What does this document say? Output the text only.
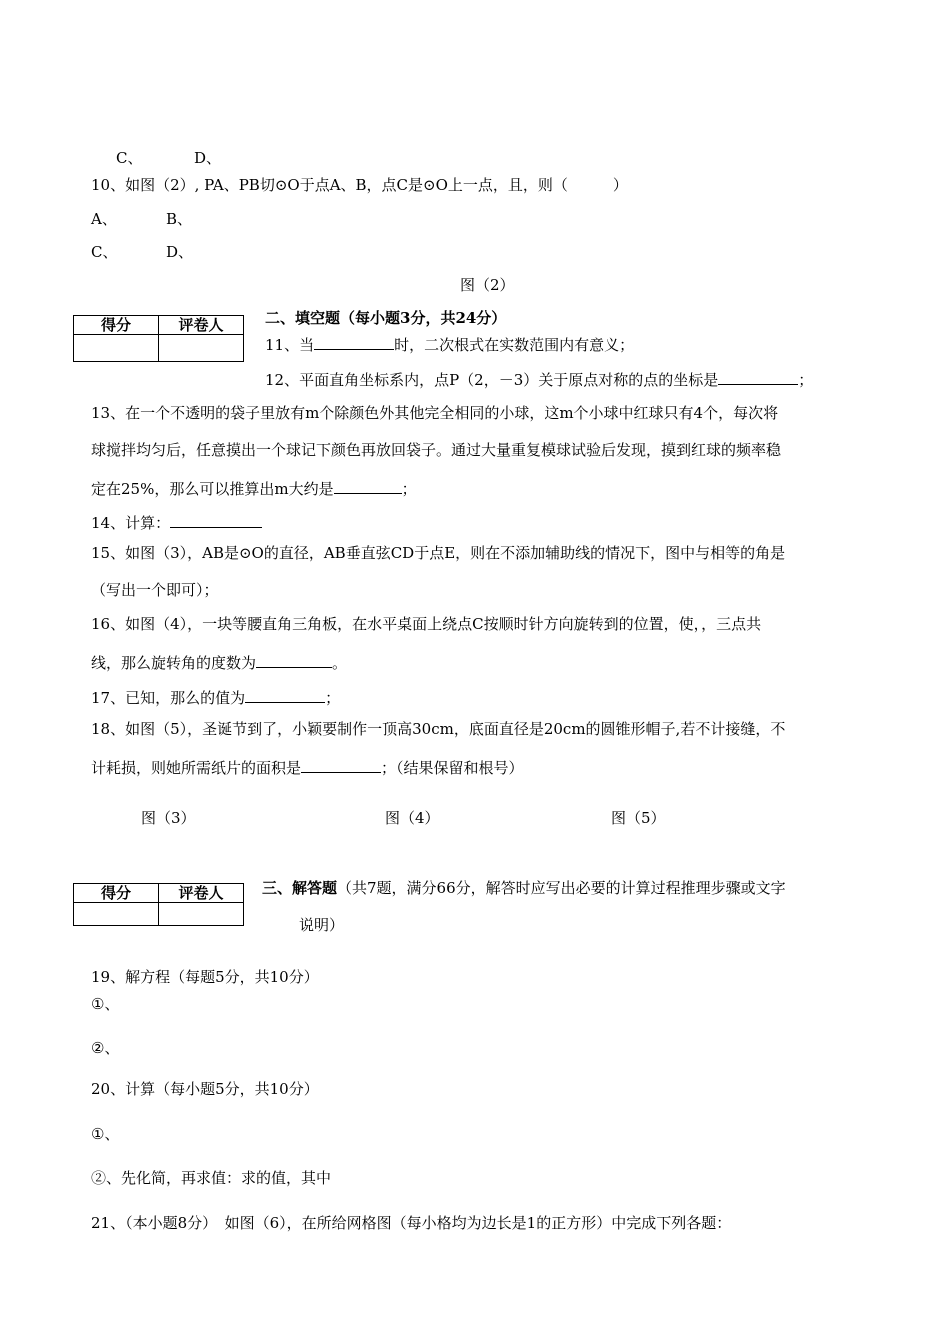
C、	D、
10、如图（2）, PA、PB切⊙O于点A、B，点C是⊙O上一点，且，则（　　　）
A、	B、
C、	D、
图（2）
得分	评卷人
		二、填空题（每小题3分，共24分）
11、当	时，二次根式在实数范围内有意义；
12、平面直角坐标系内，点P（2，－3）关于原点对称的点的坐标是	；
13、在一个不透明的袋子里放有m个除颜色外其他完全相同的小球，这m个小球中红球只有4个，每次将
球搅拌均匀后，任意摸出一个球记下颜色再放回袋子。通过大量重复模球试验后发现，摸到红球的频率稳
定在25%，那么可以推算出m大约是	；
14、计算：
15、如图（3），AB是⊙O的直径，AB垂直弦CD于点E，则在不添加辅助线的情况下，图中与相等的角是
（写出一个即可）；
16、如图（4），一块等腰直角三角板，在水平桌面上绕点C按顺时针方向旋转到的位置，使，，三点共
线，那么旋转角的度数为	。
17、已知，那么的值为	；
18、如图（5），圣诞节到了，小颖要制作一顶高30cm，底面直径是20cm的圆锥形帽子,若不计接缝，不
计耗损，则她所需纸片的面积是	；（结果保留和根号）
图（3）	图（4）	图（5）
得分	评卷人
		三、解答题（共7题，满分66分，解答时应写出必要的计算过程推理步骤或文字
说明）
19、解方程（每题5分，共10分）
①、
②、
20、计算（每小题5分，共10分）
①、
②、先化简，再求值：求的值，其中
21、（本小题8分）　如图（6），在所给网格图（每小格均为边长是1的正方形）中完成下列各题：
